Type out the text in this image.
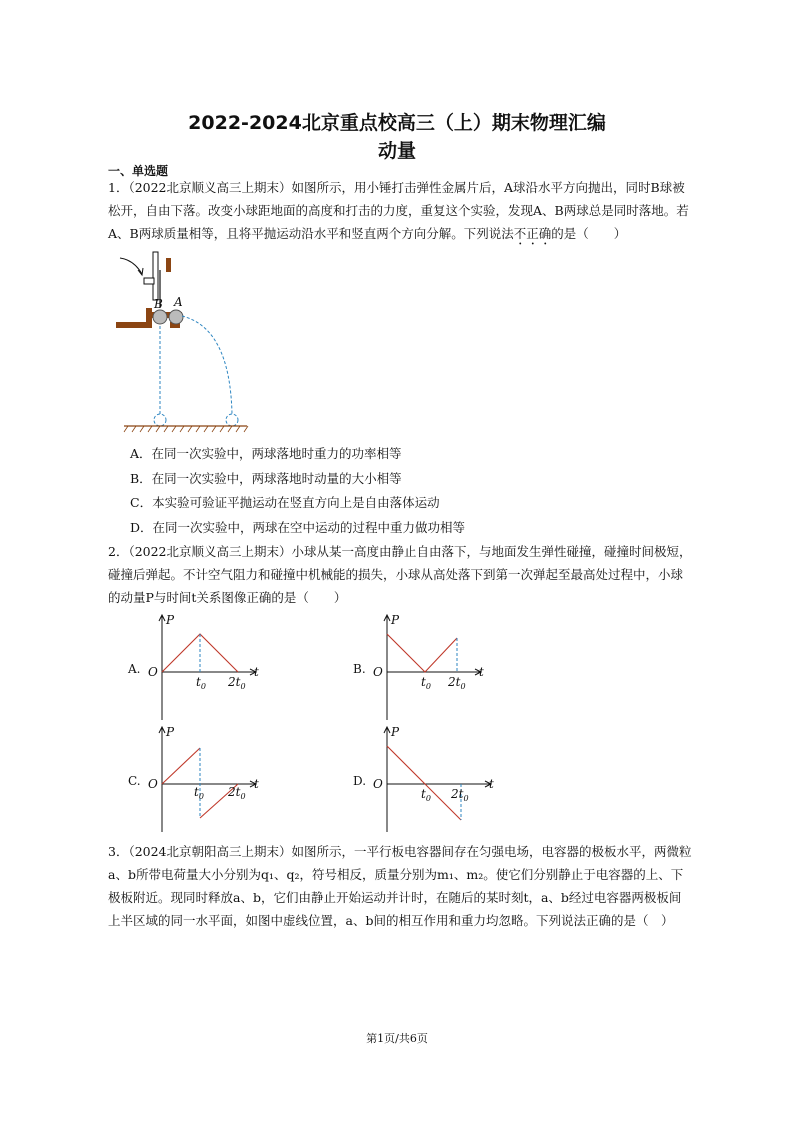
2022-2024北京重点校高三（上）期末物理汇编
动量
一、单选题
1．（2022北京顺义高三上期末）如图所示，用小锤打击弹性金属片后，A球沿水平方向抛出，同时B球被松开，自由下落。改变小球距地面的高度和打击的力度，重复这个实验，发现A、B两球总是同时落地。若A、B两球质量相等，且将平抛运动沿水平和竖直两个方向分解。下列说法不正确的是（　　）
B A
A．在同一次实验中，两球落地时重力的功率相等
B．在同一次实验中，两球落地时动量的大小相等
C．本实验可验证平抛运动在竖直方向上是自由落体运动
D．在同一次实验中，两球在空中运动的过程中重力做功相等
2．（2022北京顺义高三上期末）小球从某一高度由静止自由落下，与地面发生弹性碰撞，碰撞时间极短，碰撞后弹起。不计空气阻力和碰撞中机械能的损失，小球从高处落下到第一次弹起至最高处过程中，小球的动量P与时间t关系图像正确的是（　　）
A.
P
t
O
$t_0$ $2t_0$
B.
P
t
O
$t_0$ $2t_0$
C.
P
t
O
$t_0$ $2t_0$
D.
P
t
O
$t_0$ $2t_0$
3．（2024北京朝阳高三上期末）如图所示，一平行板电容器间存在匀强电场，电容器的极板水平，两微粒a、b所带电荷量大小分别为q₁、q₂，符号相反，质量分别为m₁、m₂。使它们分别静止于电容器的上、下极板附近。现同时释放a、b，它们由静止开始运动并计时，在随后的某时刻t，a、b经过电容器两极板间上半区域的同一水平面，如图中虚线位置，a、b间的相互作用和重力均忽略。下列说法正确的是（　）
第1页/共6页
